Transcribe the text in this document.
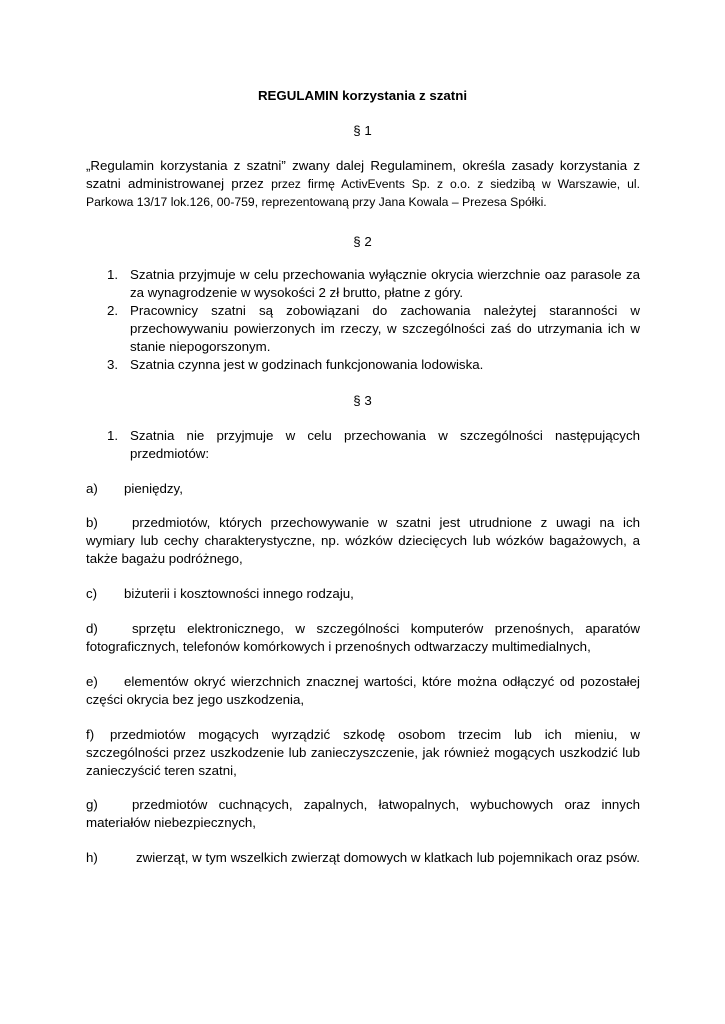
REGULAMIN korzystania z szatni
§ 1
„Regulamin korzystania z szatni” zwany dalej Regulaminem, określa zasady korzystania z szatni administrowanej przez przez firmę ActivEvents Sp. z o.o. z siedzibą w Warszawie, ul. Parkowa 13/17 lok.126, 00-759, reprezentowaną przy Jana Kowala – Prezesa Spółki.
§ 2
1. Szatnia przyjmuje w celu przechowania wyłącznie okrycia wierzchnie oaz parasole za za wynagrodzenie w wysokości 2 zł brutto, płatne z góry.
2. Pracownicy szatni są zobowiązani do zachowania należytej staranności w przechowywaniu powierzonych im rzeczy, w szczególności zaś do utrzymania ich w stanie niepogorszonym.
3. Szatnia czynna jest w godzinach funkcjonowania lodowiska.
§ 3
1. Szatnia nie przyjmuje w celu przechowania w szczególności następujących przedmiotów:
a) pieniędzy,
b)	przedmiotów, których przechowywanie w szatni jest utrudnione z uwagi na ich wymiary lub cechy charakterystyczne, np. wózków dziecięcych lub wózków bagażowych, a także bagażu podróżnego,
c) biżuterii i kosztowności innego rodzaju,
d)	sprzętu elektronicznego, w szczególności komputerów przenośnych, aparatów fotograficznych, telefonów komórkowych i przenośnych odtwarzaczy multimedialnych,
e) elementów okryć wierzchnich znacznej wartości, które można odłączyć od pozostałej części okrycia bez jego uszkodzenia,
f) przedmiotów mogących wyrządzić szkodę osobom trzecim lub ich mieniu, w szczególności przez uszkodzenie lub zanieczyszczenie, jak również mogących uszkodzić lub zanieczyścić teren szatni,
g)	przedmiotów cuchnących, zapalnych, łatwopalnych, wybuchowych oraz innych materiałów niebezpiecznych,
h)	zwierząt, w tym wszelkich zwierząt domowych w klatkach lub pojemnikach oraz psów.
